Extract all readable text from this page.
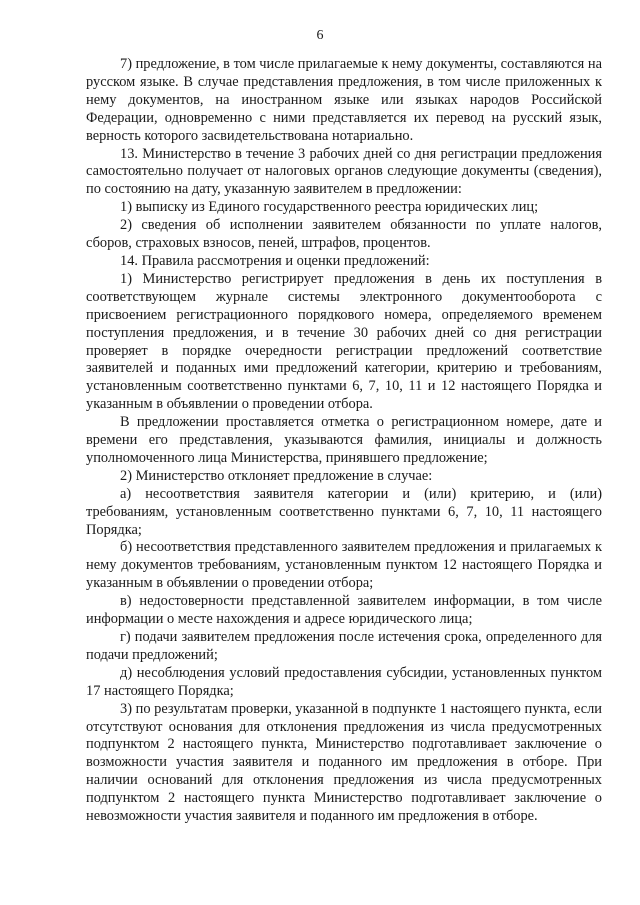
6

7) предложение, в том числе прилагаемые к нему документы, составляются на русском языке. В случае представления предложения, в том числе приложенных к нему документов, на иностранном языке или языках народов Российской Федерации, одновременно с ними представляется их перевод на русский язык, верность которого засвидетельствована нотариально.

13. Министерство в течение 3 рабочих дней со дня регистрации предложения самостоятельно получает от налоговых органов следующие документы (сведения), по состоянию на дату, указанную заявителем в предложении:

1) выписку из Единого государственного реестра юридических лиц;

2) сведения об исполнении заявителем обязанности по уплате налогов, сборов, страховых взносов, пеней, штрафов, процентов.

14. Правила рассмотрения и оценки предложений:

1) Министерство регистрирует предложения в день их поступления в соответствующем журнале системы электронного документооборота с присвоением регистрационного порядкового номера, определяемого временем поступления предложения, и в течение 30 рабочих дней со дня регистрации проверяет в порядке очередности регистрации предложений соответствие заявителей и поданных ими предложений категории, критерию и требованиям, установленным соответственно пунктами 6, 7, 10, 11 и 12 настоящего Порядка и указанным в объявлении о проведении отбора.

В предложении проставляется отметка о регистрационном номере, дате и времени его представления, указываются фамилия, инициалы и должность уполномоченного лица Министерства, принявшего предложение;

2) Министерство отклоняет предложение в случае:

а) несоответствия заявителя категории и (или) критерию, и (или) требованиям, установленным соответственно пунктами 6, 7, 10, 11 настоящего Порядка;

б) несоответствия представленного заявителем предложения и прилагаемых к нему документов требованиям, установленным пунктом 12 настоящего Порядка и указанным в объявлении о проведении отбора;

в) недостоверности представленной заявителем информации, в том числе информации о месте нахождения и адресе юридического лица;

г) подачи заявителем предложения после истечения срока, определенного для подачи предложений;

д) несоблюдения условий предоставления субсидии, установленных пунктом 17 настоящего Порядка;

3) по результатам проверки, указанной в подпункте 1 настоящего пункта, если отсутствуют основания для отклонения предложения из числа предусмотренных подпунктом 2 настоящего пункта, Министерство подготавливает заключение о возможности участия заявителя и поданного им предложения в отборе. При наличии оснований для отклонения предложения из числа предусмотренных подпунктом 2 настоящего пункта Министерство подготавливает заключение о невозможности участия заявителя и поданного им предложения в отборе.
